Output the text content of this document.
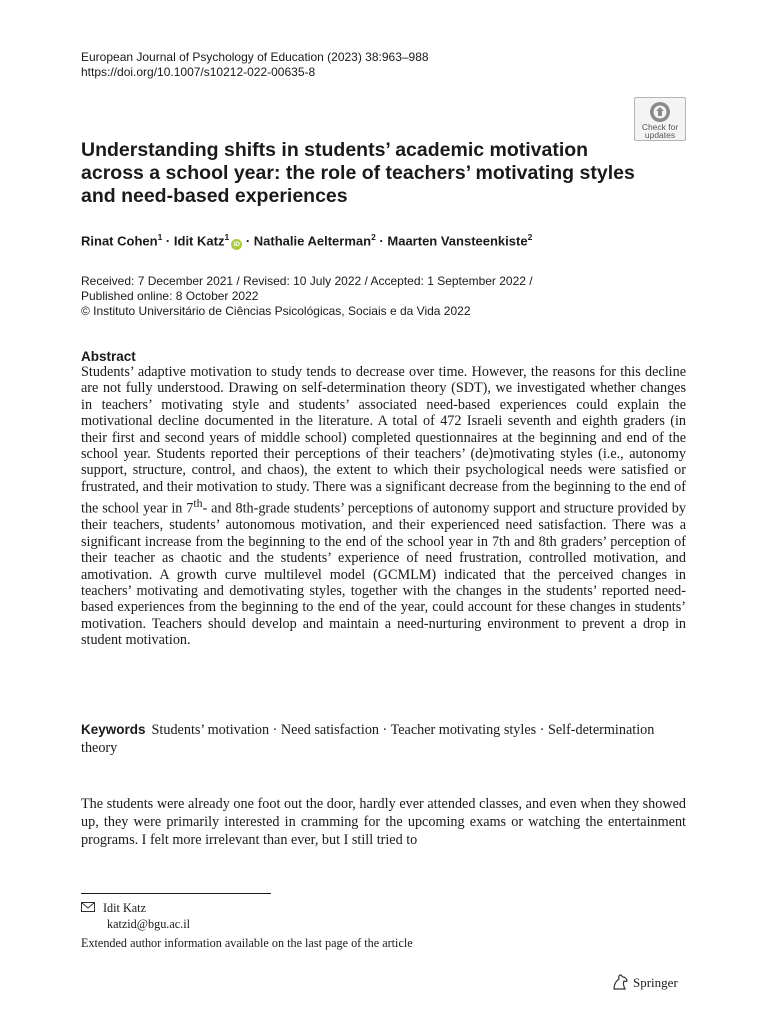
European Journal of Psychology of Education (2023) 38:963–988
https://doi.org/10.1007/s10212-022-00635-8
Check for
updates
Understanding shifts in students’ academic motivation across a school year: the role of teachers’ motivating styles and need-based experiences
Rinat Cohen$^1$ · Idit Katz$^1$iD · Nathalie Aelterman$^2$ · Maarten Vansteenkiste$^2$
Received: 7 December 2021 / Revised: 10 July 2022 / Accepted: 1 September 2022 /
Published online: 8 October 2022
© Instituto Universitário de Ciências Psicológicas, Sociais e da Vida 2022
Abstract
Students’ adaptive motivation to study tends to decrease over time. However, the reasons for this decline are not fully understood. Drawing on self-determination theory (SDT), we investigated whether changes in teachers’ motivating style and students’ associated need-based experiences could explain the motivational decline documented in the literature. A total of 472 Israeli seventh and eighth graders (in their first and second years of middle school) completed questionnaires at the beginning and end of the school year. Students reported their perceptions of their teachers’ (de)motivating styles (i.e., autonomy support, structure, control, and chaos), the extent to which their psychological needs were satisfied or frustrated, and their motivation to study. There was a significant decrease from the beginning to the end of the school year in 7th- and 8th-grade students’ perceptions of autonomy support and structure provided by their teachers, students’ autonomous motivation, and their experienced need satisfaction. There was a significant increase from the beginning to the end of the school year in 7th and 8th graders’ perception of their teacher as chaotic and the students’ experience of need frustration, controlled motivation, and amotivation. A growth curve multilevel model (GCMLM) indicated that the perceived changes in teachers’ motivating and demotivating styles, together with the changes in the students’ reported need-based experiences from the beginning to the end of the year, could account for these changes in students’ motivation. Teachers should develop and maintain a need-nurturing environment to prevent a drop in student motivation.
Keywords Students’ motivation · Need satisfaction · Teacher motivating styles · Self-determination theory
The students were already one foot out the door, hardly ever attended classes, and even when they showed up, they were primarily interested in cramming for the upcoming exams or watching the entertainment programs. I felt more irrelevant than ever, but I still tried to
Idit Katz
katzid@bgu.ac.il
Extended author information available on the last page of the article
Springer
